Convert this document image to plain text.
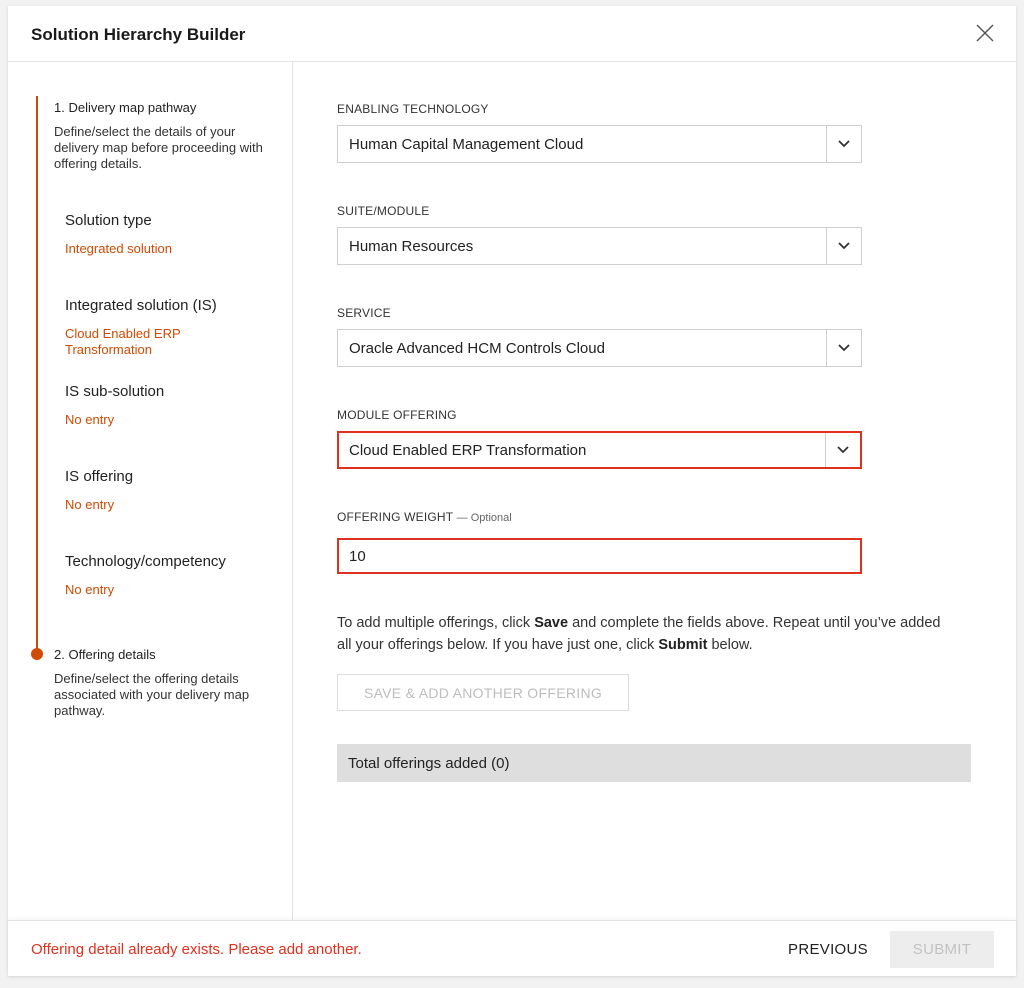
Solution Hierarchy Builder
1. Delivery map pathway
Define/select the details of your delivery map before proceeding with offering details.
Solution type
Integrated solution
Integrated solution (IS)
Cloud Enabled ERP Transformation
IS sub-solution
No entry
IS offering
No entry
Technology/competency
No entry
2. Offering details
Define/select the offering details associated with your delivery map pathway.
ENABLING TECHNOLOGY
Human Capital Management Cloud
SUITE/MODULE
Human Resources
SERVICE
Oracle Advanced HCM Controls Cloud
MODULE OFFERING
Cloud Enabled ERP Transformation
OFFERING WEIGHT — Optional
10
To add multiple offerings, click Save and complete the fields above. Repeat until you’ve added all your offerings below. If you have just one, click Submit below.
SAVE & ADD ANOTHER OFFERING
Total offerings added (0)
Offering detail already exists. Please add another.	PREVIOUS	SUBMIT
